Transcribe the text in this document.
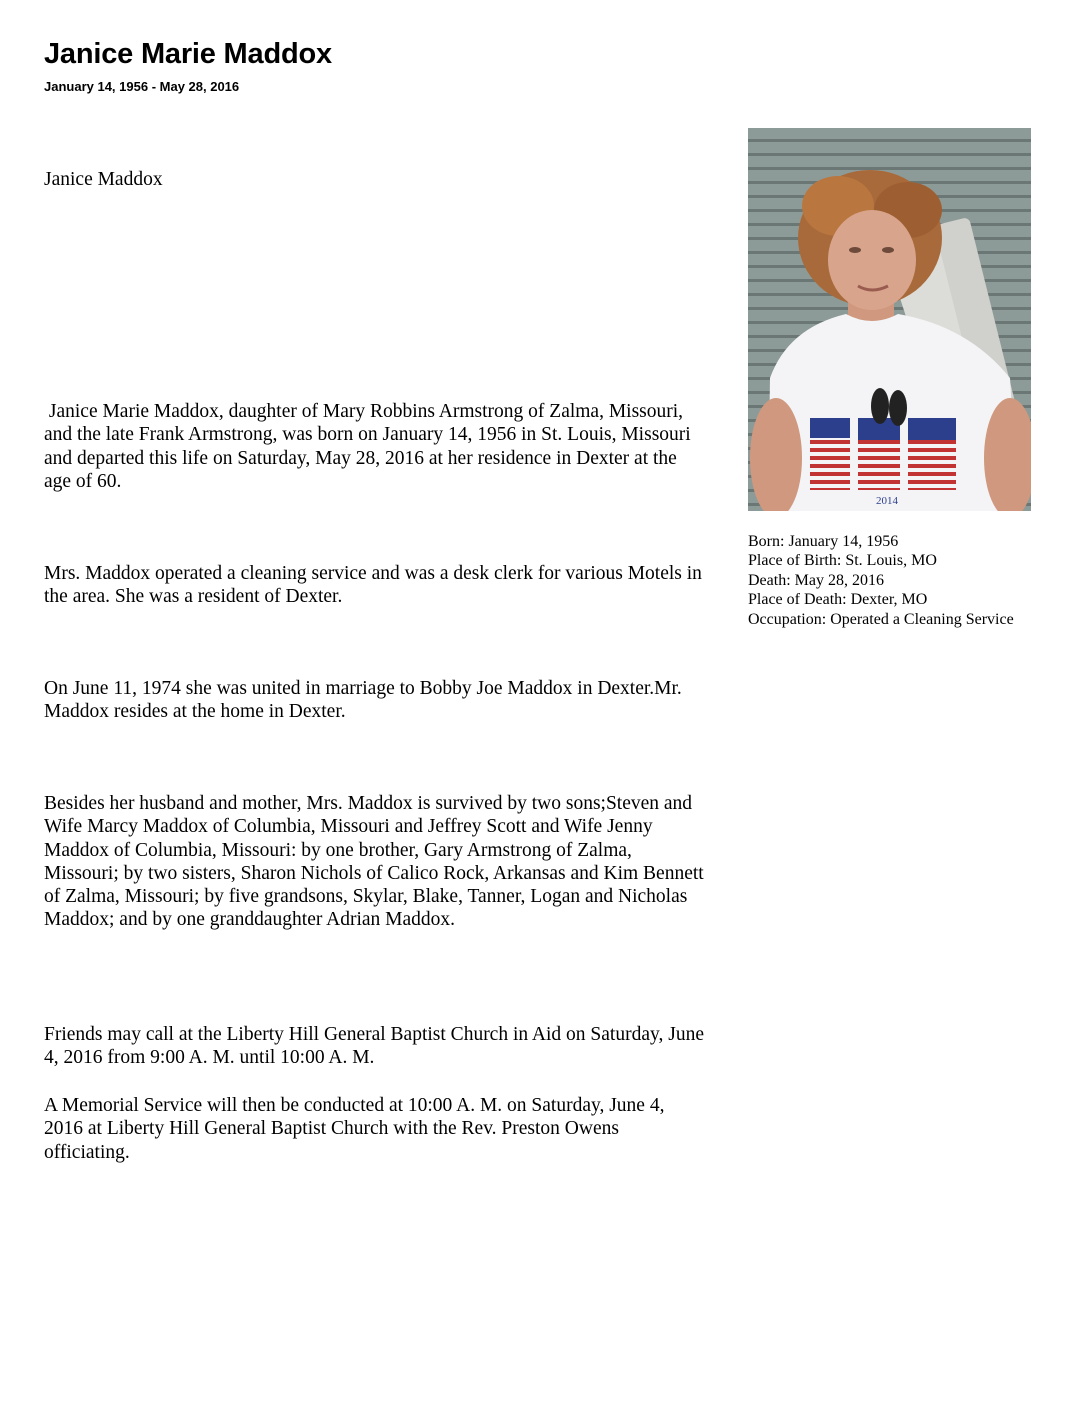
Janice Marie Maddox
January 14, 1956 - May 28, 2016

Janice Maddox

Janice Marie Maddox, daughter of Mary Robbins Armstrong of Zalma, Missouri, and the late Frank Armstrong, was born on January 14, 1956 in St. Louis, Missouri and departed this life on Saturday, May 28, 2016 at her residence in Dexter at the age of 60.

Mrs. Maddox operated a cleaning service and was a desk clerk for various Motels in the area. She was a resident of Dexter.

On June 11, 1974 she was united in marriage to Bobby Joe Maddox in Dexter.Mr. Maddox resides at the home in Dexter.

Besides her husband and mother, Mrs. Maddox is survived by two sons;Steven and Wife Marcy Maddox of Columbia, Missouri and Jeffrey Scott and Wife Jenny Maddox of Columbia, Missouri: by one brother, Gary Armstrong of Zalma, Missouri; by two sisters, Sharon Nichols of Calico Rock, Arkansas and Kim Bennett of Zalma, Missouri; by five grandsons, Skylar, Blake, Tanner, Logan and Nicholas Maddox; and by one granddaughter Adrian Maddox.

Friends may call at the Liberty Hill General Baptist Church in Aid on Saturday, June 4, 2016 from 9:00 A. M. until 10:00 A. M.

A Memorial Service will then be conducted at 10:00 A. M. on Saturday, June 4, 2016 at Liberty Hill General Baptist Church with the Rev. Preston Owens officiating.

2014
Born: January 14, 1956
Place of Birth: St. Louis, MO
Death: May 28, 2016
Place of Death: Dexter, MO
Occupation: Operated a Cleaning Service
